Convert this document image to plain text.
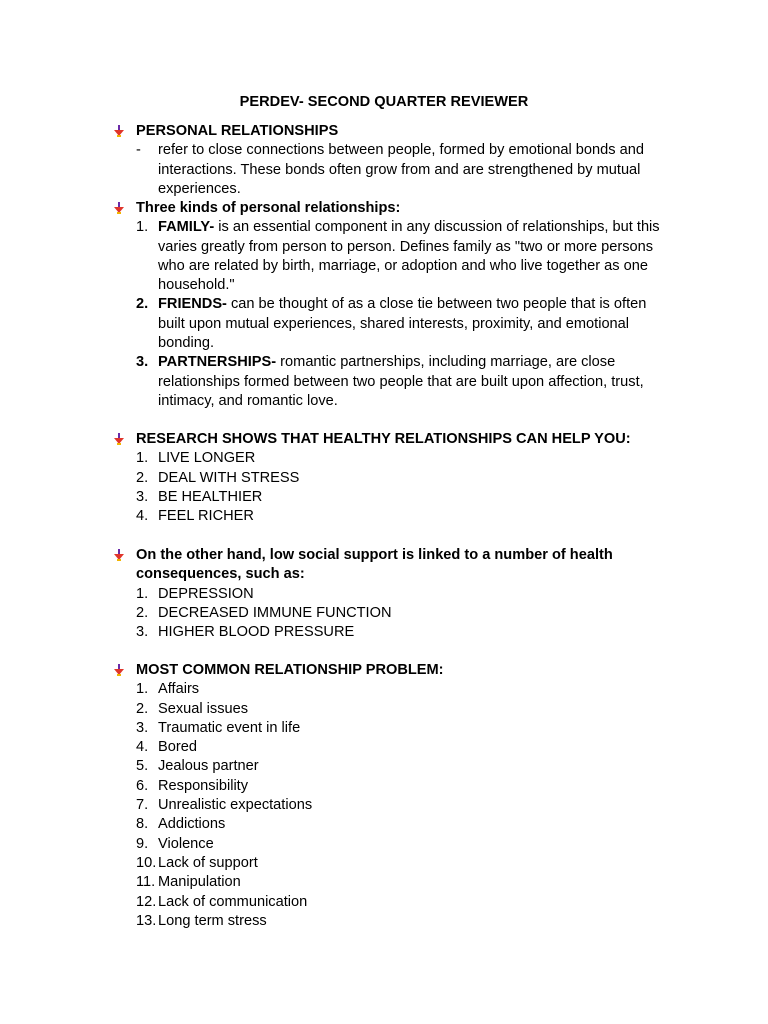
PERDEV- SECOND QUARTER REVIEWER
PERSONAL RELATIONSHIPS
- refer to close connections between people, formed by emotional bonds and
interactions. These bonds often grow from and are strengthened by mutual
experiences.
Three kinds of personal relationships:
1. FAMILY- is an essential component in any discussion of relationships, but this
varies greatly from person to person. Defines family as "two or more persons
who are related by birth, marriage, or adoption and who live together as one
household."
2. FRIENDS- can be thought of as a close tie between two people that is often
built upon mutual experiences, shared interests, proximity, and emotional
bonding.
3. PARTNERSHIPS- romantic partnerships, including marriage, are close
relationships formed between two people that are built upon affection, trust,
intimacy, and romantic love.
RESEARCH SHOWS THAT HEALTHY RELATIONSHIPS CAN HELP YOU:
1. LIVE LONGER
2. DEAL WITH STRESS
3. BE HEALTHIER
4. FEEL RICHER
On the other hand, low social support is linked to a number of health
consequences, such as:
1. DEPRESSION
2. DECREASED IMMUNE FUNCTION
3. HIGHER BLOOD PRESSURE
MOST COMMON RELATIONSHIP PROBLEM:
1. Affairs
2. Sexual issues
3. Traumatic event in life
4. Bored
5. Jealous partner
6. Responsibility
7. Unrealistic expectations
8. Addictions
9. Violence
10. Lack of support
11. Manipulation
12. Lack of communication
13. Long term stress
